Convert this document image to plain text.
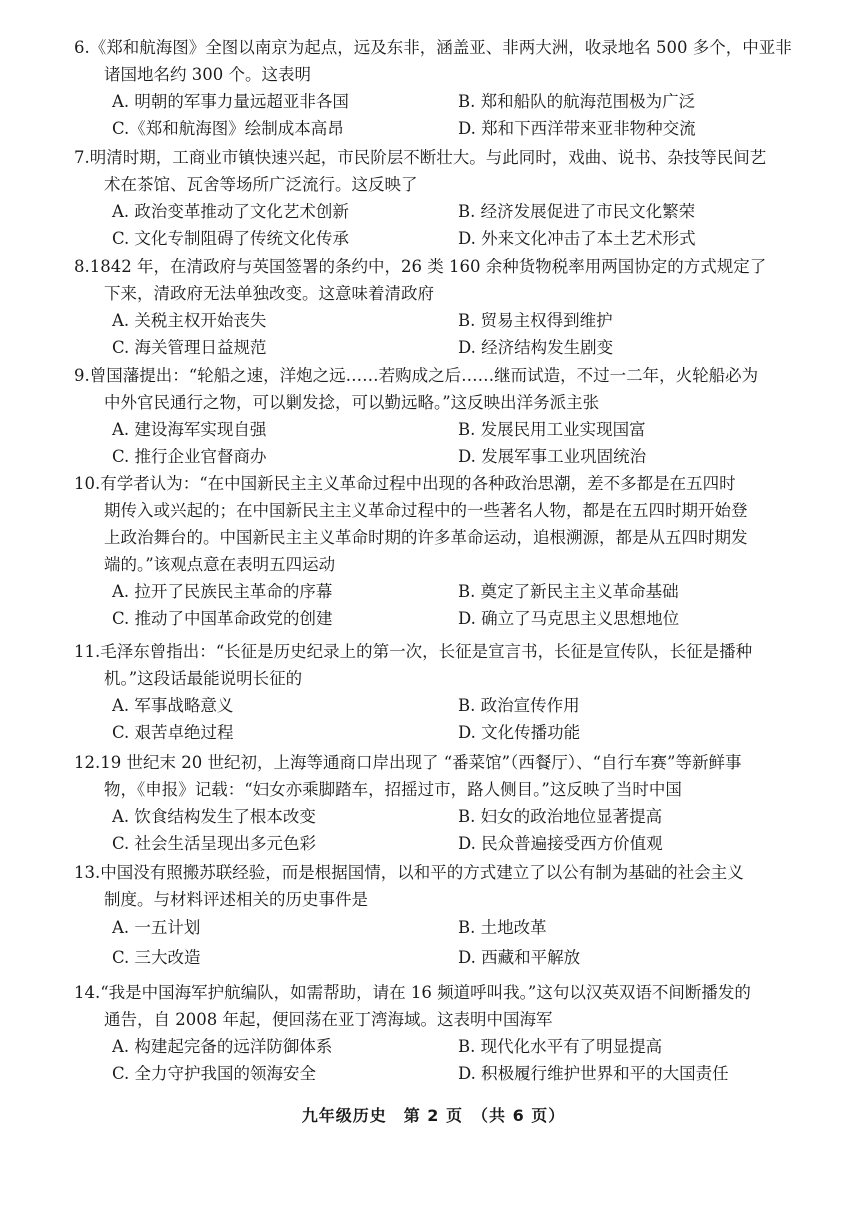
6.《郑和航海图》全图以南京为起点，远及东非，涵盖亚、非两大洲，收录地名 500 多个，中亚非
诸国地名约 300 个。这表明
A. 明朝的军事力量远超亚非各国	B. 郑和船队的航海范围极为广泛
C.《郑和航海图》绘制成本高昂	D. 郑和下西洋带来亚非物种交流
7.明清时期，工商业市镇快速兴起，市民阶层不断壮大。与此同时，戏曲、说书、杂技等民间艺
术在茶馆、瓦舍等场所广泛流行。这反映了
A. 政治变革推动了文化艺术创新	B. 经济发展促进了市民文化繁荣
C. 文化专制阻碍了传统文化传承	D. 外来文化冲击了本土艺术形式
8.1842 年，在清政府与英国签署的条约中，26 类 160 余种货物税率用两国协定的方式规定了
下来，清政府无法单独改变。这意味着清政府
A. 关税主权开始丧失	B. 贸易主权得到维护
C. 海关管理日益规范	D. 经济结构发生剧变
9.曾国藩提出：“轮船之速，洋炮之远……若购成之后……继而试造，不过一二年，火轮船必为
中外官民通行之物，可以剿发捻，可以勤远略。”这反映出洋务派主张
A. 建设海军实现自强	B. 发展民用工业实现国富
C. 推行企业官督商办	D. 发展军事工业巩固统治
10.有学者认为：“在中国新民主主义革命过程中出现的各种政治思潮，差不多都是在五四时
期传入或兴起的；在中国新民主主义革命过程中的一些著名人物，都是在五四时期开始登
上政治舞台的。中国新民主主义革命时期的许多革命运动，追根溯源，都是从五四时期发
端的。”该观点意在表明五四运动
A. 拉开了民族民主革命的序幕	B. 奠定了新民主主义革命基础
C. 推动了中国革命政党的创建	D. 确立了马克思主义思想地位
11.毛泽东曾指出：“长征是历史纪录上的第一次，长征是宣言书，长征是宣传队，长征是播种
机。”这段话最能说明长征的
A. 军事战略意义	B. 政治宣传作用
C. 艰苦卓绝过程	D. 文化传播功能
12.19 世纪末 20 世纪初，上海等通商口岸出现了 “番菜馆”（西餐厅）、“自行车赛”等新鲜事
物，《申报》记载：“妇女亦乘脚踏车，招摇过市，路人侧目。”这反映了当时中国
A. 饮食结构发生了根本改变	B. 妇女的政治地位显著提高
C. 社会生活呈现出多元色彩	D. 民众普遍接受西方价值观
13.中国没有照搬苏联经验，而是根据国情，以和平的方式建立了以公有制为基础的社会主义
制度。与材料评述相关的历史事件是
A. 一五计划	B. 土地改革
C. 三大改造	D. 西藏和平解放
14.“我是中国海军护航编队，如需帮助，请在 16 频道呼叫我。”这句以汉英双语不间断播发的
通告，自 2008 年起，便回荡在亚丁湾海域。这表明中国海军
A. 构建起完备的远洋防御体系	B. 现代化水平有了明显提高
C. 全力守护我国的领海安全	D. 积极履行维护世界和平的大国责任
九年级历史　第 2 页　（共 6 页）
